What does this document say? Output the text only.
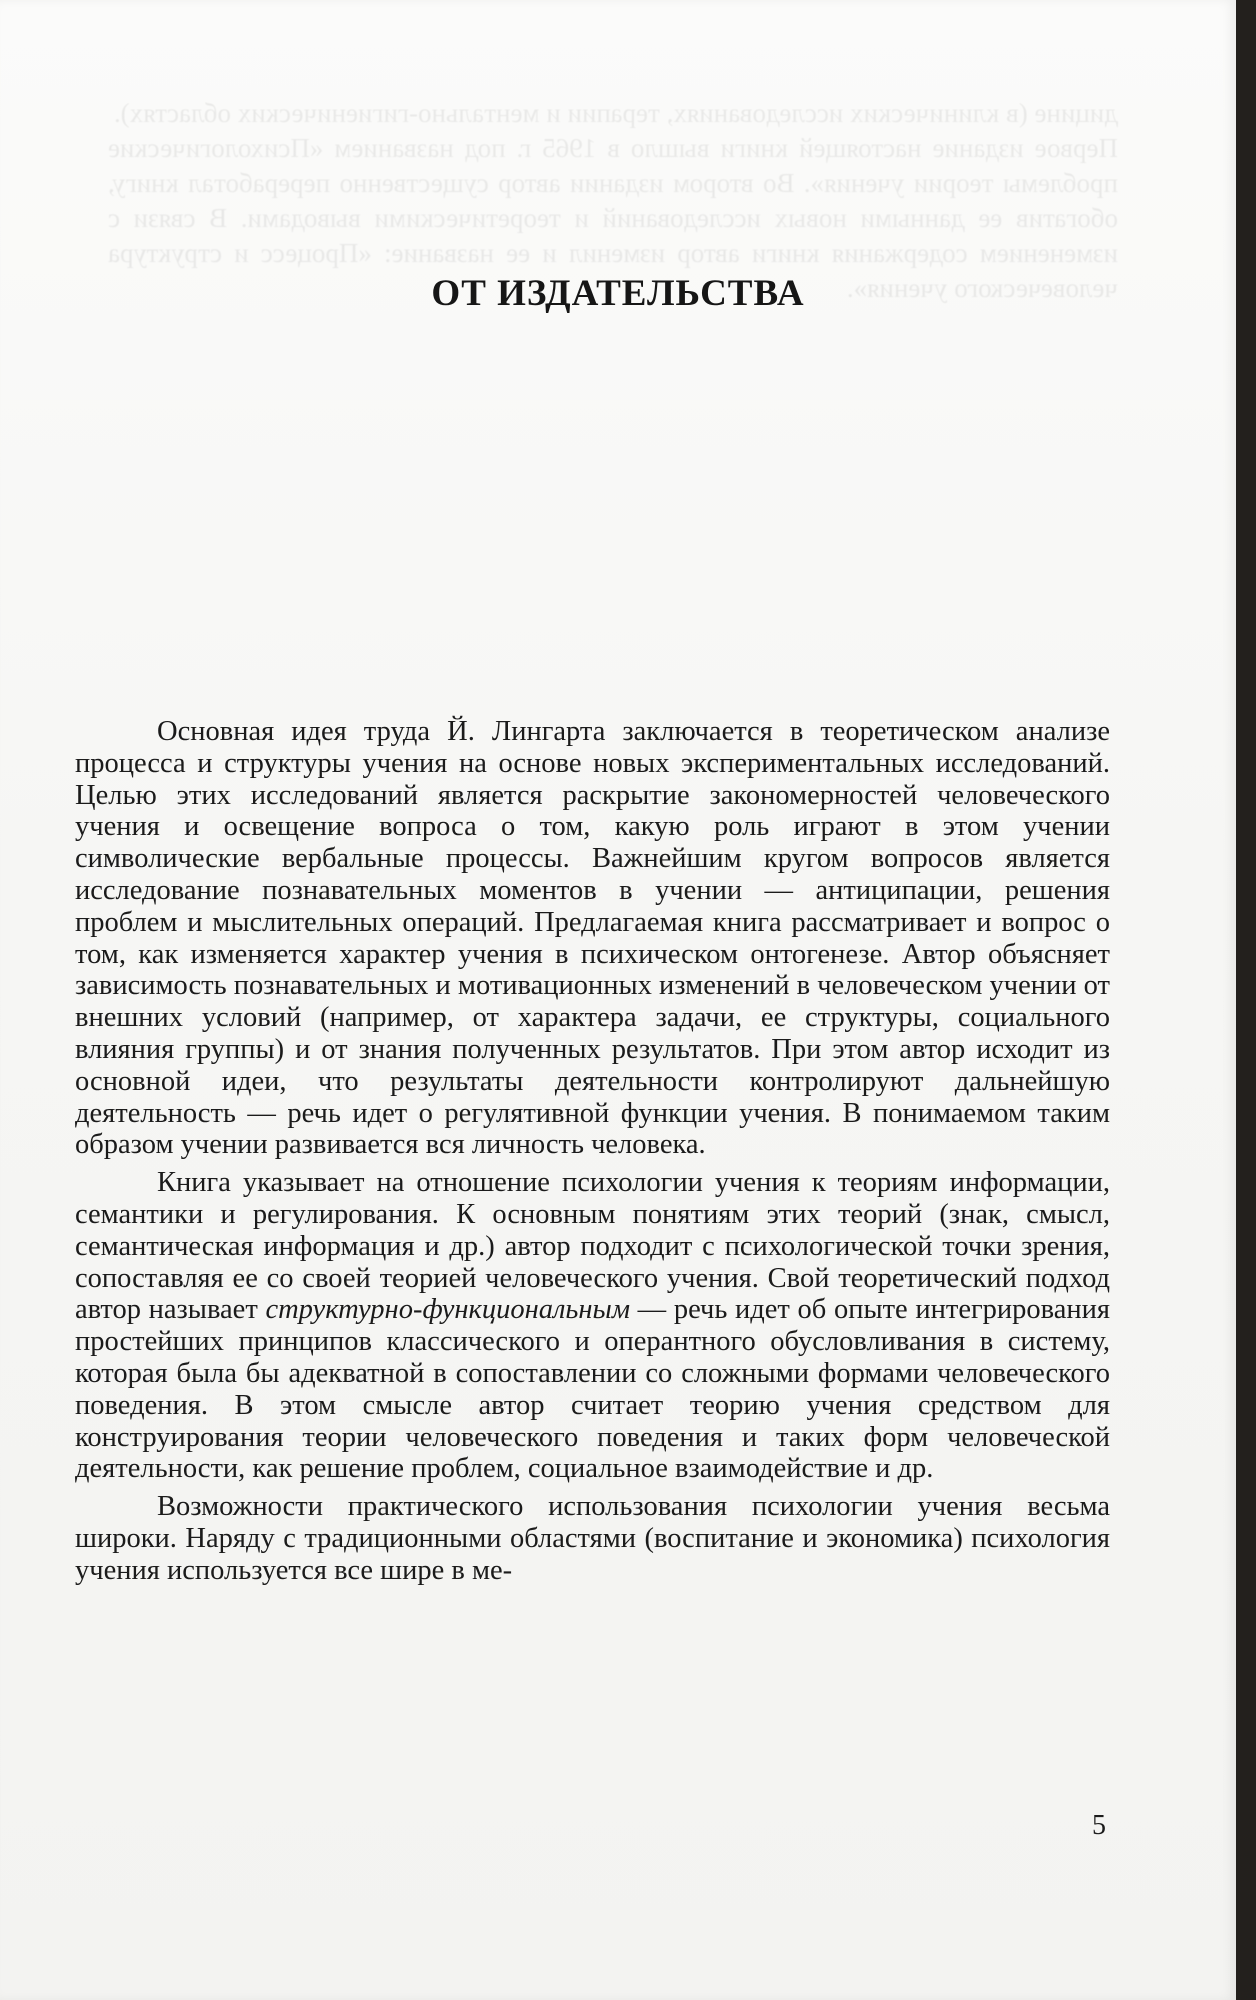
дицине (в клинических исследованиях, терапии и ментально-гигиенических областях).

Первое издание настоящей книги вышло в 1965 г. под названием «Психологические проблемы теории учения». Во втором издании автор существенно переработал книгу, обогатив ее данными новых исследований и теоретическими выводами. В связи с изменением содержания книги автор изменил и ее название: «Процесс и структура человеческого учения».

ОТ ИЗДАТЕЛЬСТВА

Основная идея труда Й. Лингарта заключается в теоретическом анализе процесса и структуры учения на основе новых экспериментальных исследований. Целью этих исследований является раскрытие закономерностей человеческого учения и освещение вопроса о том, какую роль играют в этом учении символические вербальные процессы. Важнейшим кругом вопросов является исследование познавательных моментов в учении — антиципации, решения проблем и мыслительных операций. Предлагаемая книга рассматривает и вопрос о том, как изменяется характер учения в психическом онтогенезе. Автор объясняет зависимость познавательных и мотивационных изменений в человеческом учении от внешних условий (например, от характера задачи, ее структуры, социального влияния группы) и от знания полученных результатов. При этом автор исходит из основной идеи, что результаты деятельности контролируют дальнейшую деятельность — речь идет о регулятивной функции учения. В понимаемом таким образом учении развивается вся личность человека.

Книга указывает на отношение психологии учения к теориям информации, семантики и регулирования. К основным понятиям этих теорий (знак, смысл, семантическая информация и др.) автор подходит с психологической точки зрения, сопоставляя ее со своей теорией человеческого учения. Свой теоретический подход автор называет структурно-функциональным — речь идет об опыте интегрирования простейших принципов классического и оперантного обусловливания в систему, которая была бы адекватной в сопоставлении со сложными формами человеческого поведения. В этом смысле автор считает теорию учения средством для конструирования теории человеческого поведения и таких форм человеческой деятельности, как решение проблем, социальное взаимодействие и др.

Возможности практического использования психологии учения весьма широки. Наряду с традиционными областями (воспитание и экономика) психология учения используется все шире в ме-

5
